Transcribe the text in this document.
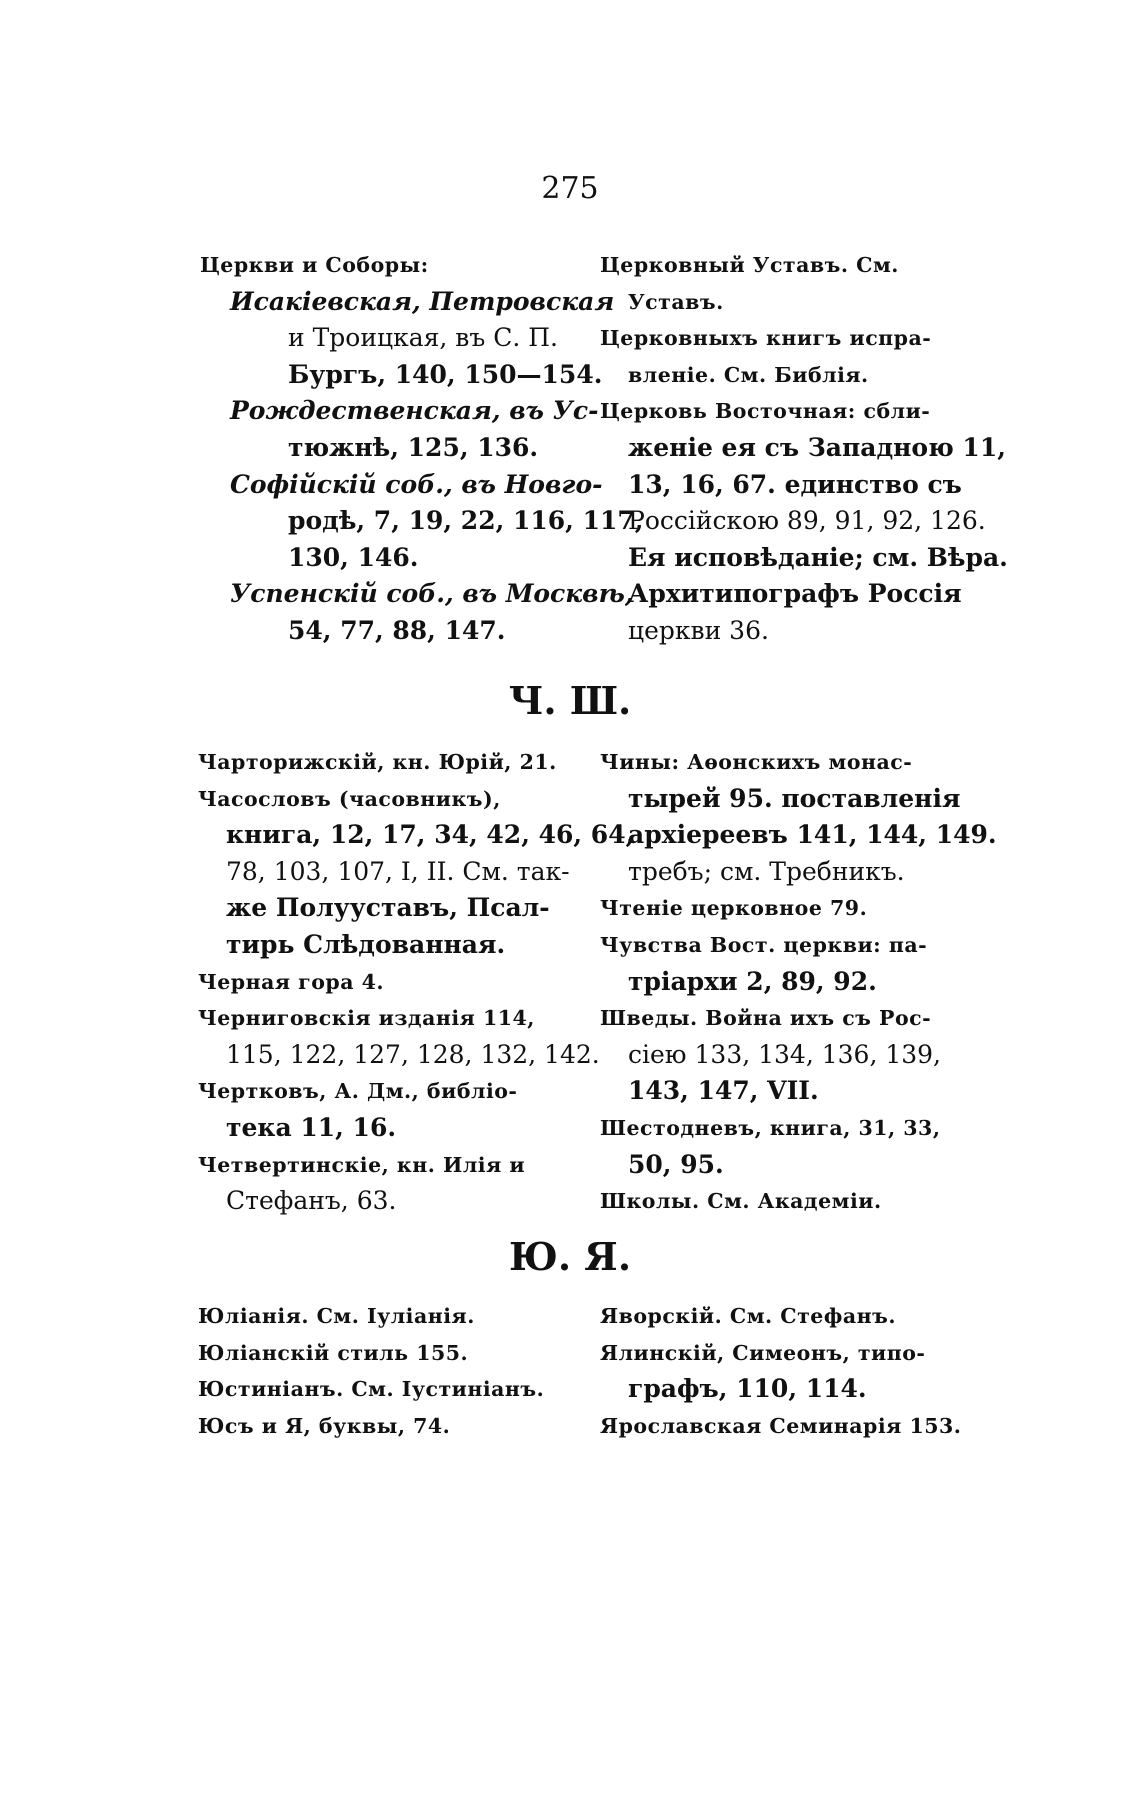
275
Церкви и Соборы:
Исакіевская, Петровская
и Троицкая, въ С. П.
Бургъ, 140, 150—154.
Рождественская, въ Ус-
тюжнѣ, 125, 136.
Софійскій соб., въ Новго-
родѣ, 7, 19, 22, 116, 117,
130, 146.
Успенскій соб., въ Москвѣ,
54, 77, 88, 147.
Церковный Уставъ. См.
Уставъ.
Церковныхъ книгъ испра-
вленіе. См. Библія.
Церковь Восточная: сбли-
женіе ея съ Западною 11,
13, 16, 67. единство съ
Россійскою 89, 91, 92, 126.
Ея исповѣданіе; см. Вѣра.
Архитипографъ Россія
церкви 36.
Ч. Ш.
Чарторижскій, кн. Юрій, 21.
Часословъ (часовникъ),
книга, 12, 17, 34, 42, 46, 64,
78, 103, 107, I, II. См. так-
же Полууставъ, Псал-
тирь Слѣдованная.
Черная гора 4.
Черниговскія изданія 114,
115, 122, 127, 128, 132, 142.
Чертковъ, А. Дм., библіо-
тека 11, 16.
Четвертинскіе, кн. Илія и
Стефанъ, 63.
Чины: Аѳонскихъ монас-
тырей 95. поставленія
архіереевъ 141, 144, 149.
требъ; см. Требникъ.
Чтеніе церковное 79.
Чувства Вост. церкви: па-
тріархи 2, 89, 92.
Шведы. Война ихъ съ Рос-
сіею 133, 134, 136, 139,
143, 147, VII.
Шестодневъ, книга, 31, 33,
50, 95.
Школы. См. Академіи.
Ю. Я.
Юліанія. См. Іуліанія.
Юліанскій стиль 155.
Юстиніанъ. См. Іустиніанъ.
Юсъ и Я, буквы, 74.
Яворскій. См. Стефанъ.
Ялинскій, Симеонъ, типо-
графъ, 110, 114.
Ярославская Семинарія 153.
